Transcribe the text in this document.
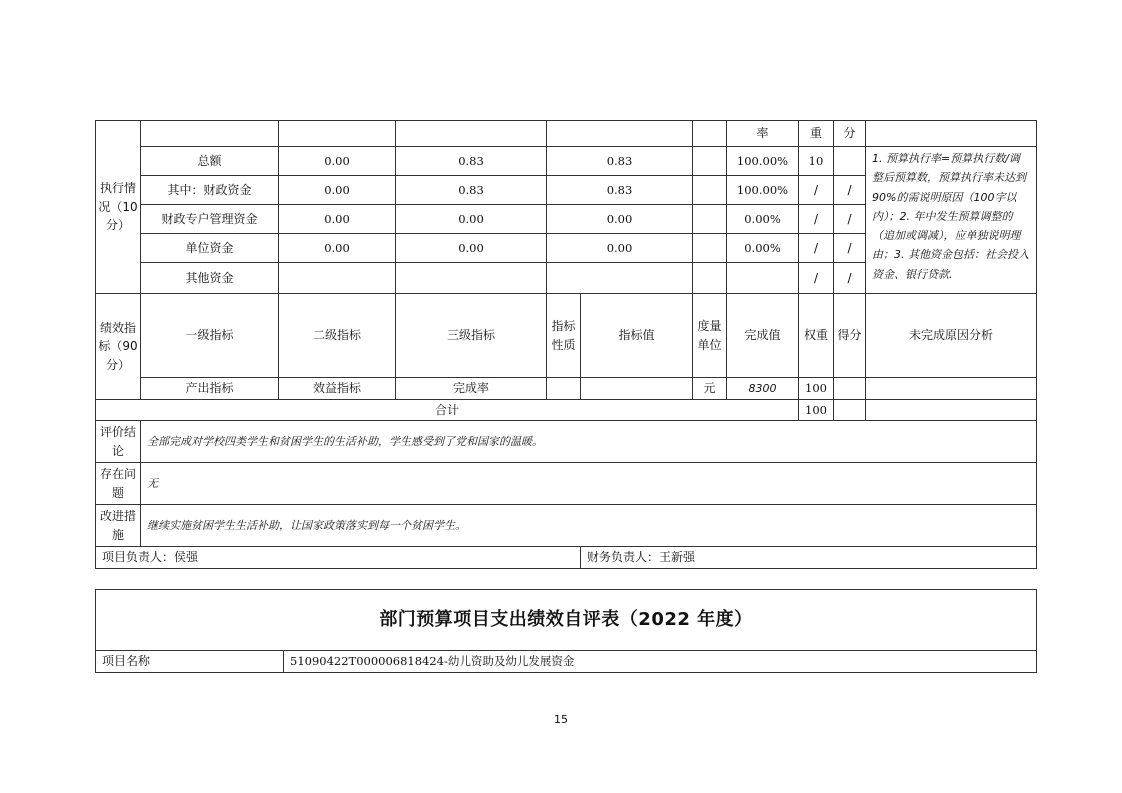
执行情况（10分）							率	重	分	
	总额	0.00	0.83	0.83			100.00%	10		1. 预算执行率=预算执行数/调整后预算数，预算执行率未达到90%的需说明原因（100字以内）；2. 年中发生预算调整的（追加或调减），应单独说明理由；3. 其他资金包括：社会投入资金、银行贷款.
	其中：财政资金	0.00	0.83	0.83			100.00%	/	/	
	财政专户管理资金	0.00	0.00	0.00			0.00%	/	/	
	单位资金	0.00	0.00	0.00			0.00%	/	/	
	其他资金							/	/	
绩效指标（90分）	一级指标	二级指标	三级指标	指标性质	指标值	度量单位	完成值	权重	得分	未完成原因分析
	产出指标	效益指标	完成率			元	8300	100		
合计								100		
评价结论	全部完成对学校四类学生和贫困学生的生活补助，学生感受到了党和国家的温暖。									
存在问题	无									
改进措施	继续实施贫困学生生活补助，让国家政策落实到每一个贫困学生。									
项目负责人：侯强					财务负责人：王新强					
部门预算项目支出绩效自评表（2022 年度）
项目名称	51090422T000006818424-幼儿资助及幼儿发展资金
15
